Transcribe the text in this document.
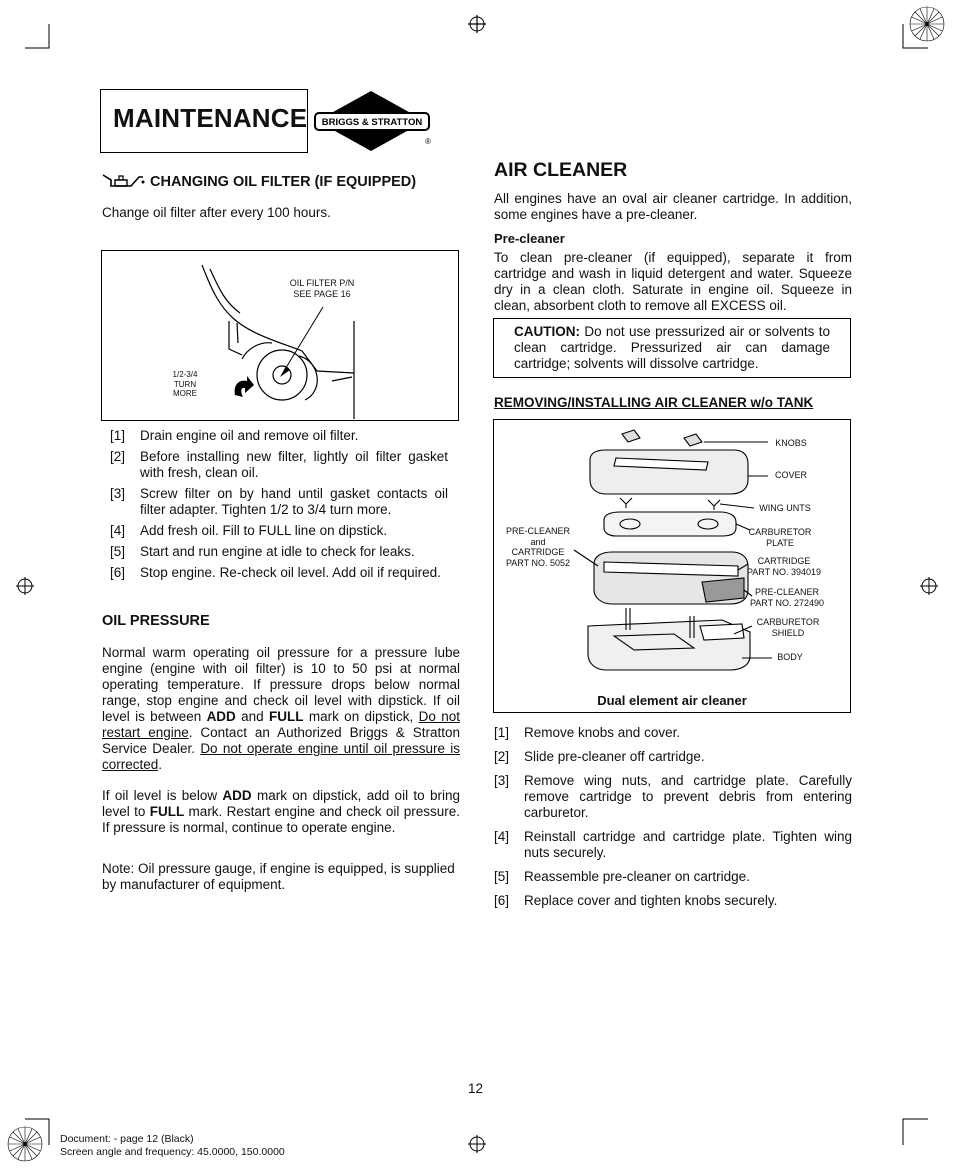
MAINTENANCE BRIGGS & STRATTON
®
CHANGING OIL FILTER (IF EQUIPPED)

Change oil filter after every 100 hours.

OIL FILTER P/N
SEE PAGE 16
1/2-3/4
TURN
MORE
[1]	Drain engine oil and remove oil filter.
[2]	Before installing new filter, lightly oil filter gasket with fresh, clean oil.
[3]	Screw filter on by hand until gasket contacts oil filter adapter. Tighten 1/2 to 3/4 turn more.
[4]	Add fresh oil. Fill to FULL line on dipstick.
[5]	Start and run engine at idle to check for leaks.
[6]	Stop engine. Re-check oil level. Add oil if required.
OIL PRESSURE

Normal warm operating oil pressure for a pressure lube engine (engine with oil filter) is 10 to 50 psi at normal operating temperature. If pressure drops below normal range, stop engine and check oil level with dipstick. If oil level is between ADD and FULL mark on dipstick, Do not restart engine. Contact an Authorized Briggs & Stratton Service Dealer. Do not operate engine until oil pressure is corrected.

If oil level is below ADD mark on dipstick, add oil to bring level to FULL mark. Restart engine and check oil pressure. If pressure is normal, continue to operate engine.

Note: Oil pressure gauge, if engine is equipped, is supplied by manufacturer of equipment.

AIR CLEANER

All engines have an oval air cleaner cartridge. In addition, some engines have a pre-cleaner.

Pre-cleaner

To clean pre-cleaner (if equipped), separate it from cartridge and wash in liquid detergent and water. Squeeze dry in a clean cloth. Saturate in engine oil. Squeeze in clean, absorbent cloth to remove all EXCESS oil.

CAUTION: Do not use pressurized air or solvents to clean cartridge. Pressurized air can damage cartridge; solvents will dissolve cartridge.

REMOVING/INSTALLING AIR CLEANER w/o TANK
KNOBS
COVER
WING UNTS
CARBURETOR
PLATE
CARTRIDGE
PART NO. 394019
PRE-CLEANER
PART NO. 272490
CARBURETOR
SHIELD
BODY
PRE-CLEANER
and
CARTRIDGE
PART NO. 5052
Dual element air cleaner
[1]	Remove knobs and cover.
[2]	Slide pre-cleaner off cartridge.
[3]	Remove wing nuts, and cartridge plate. Carefully remove cartridge to prevent debris from entering carburetor.
[4]	Reinstall cartridge and cartridge plate. Tighten wing nuts securely.
[5]	Reassemble pre-cleaner on cartridge.
[6]	Replace cover and tighten knobs securely.
12
Document: - page 12 (Black)
Screen angle and frequency: 45.0000, 150.0000
